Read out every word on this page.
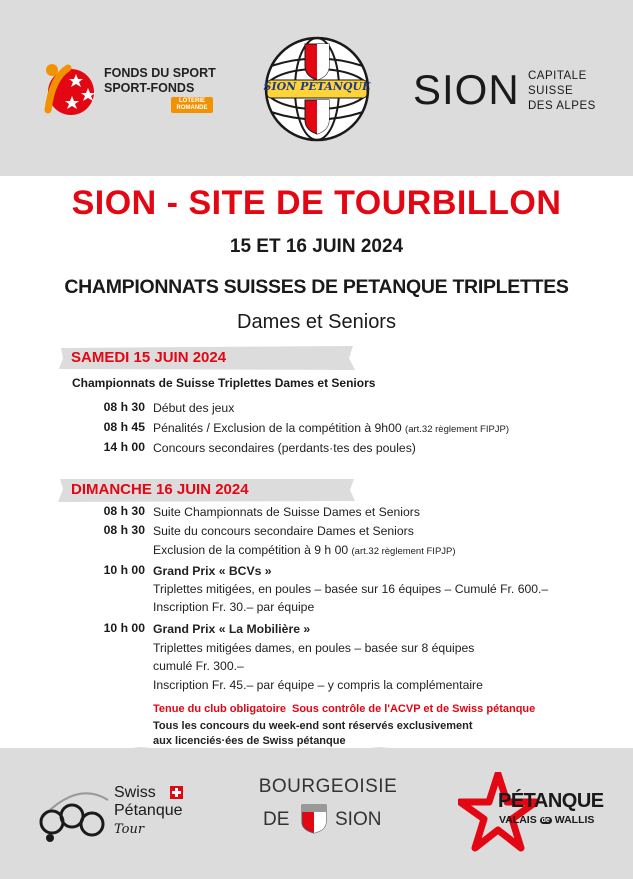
FONDS DU SPORT
SPORT-FONDS
LOTERIE
ROMANDE
SION PÉTANQUE SION CAPITALE
SUISSE
DES ALPES
SION - SITE DE TOURBILLON
15 ET 16 JUIN 2024
CHAMPIONNATS SUISSES DE PETANQUE TRIPLETTES
Dames et Seniors
SAMEDI 15 JUIN 2024
Championnats de Suisse Triplettes Dames et Seniors
08 h 30 Début des jeux
08 h 45 Pénalités / Exclusion de la compétition à 9h00 (art.32 règlement FIPJP)
14 h 00 Concours secondaires (perdants·tes des poules)
DIMANCHE 16 JUIN 2024
08 h 30 Suite Championnats de Suisse Dames et Seniors
08 h 30 Suite du concours secondaire Dames et Seniors
Exclusion de la compétition à 9 h 00 (art.32 règlement FIPJP)
10 h 00 Grand Prix « BCVs »
Triplettes mitigées, en poules – basée sur 16 équipes – Cumulé Fr. 600.–
Inscription Fr. 30.– par équipe
10 h 00 Grand Prix « La Mobilière »
Triplettes mitigées dames, en poules – basée sur 8 équipes
cumulé Fr. 300.–
Inscription Fr. 45.– par équipe – y compris la complémentaire
Tenue du club obligatoire Sous contrôle de l'ACVP et de Swiss pétanque
Tous les concours du week-end sont réservés exclusivement
aux licenciés·ées de Swiss pétanque
Swiss
Pétanque
Tour
BOURGEOISIE
DE SION
PÉTANQUE
VALAIS de WALLIS
